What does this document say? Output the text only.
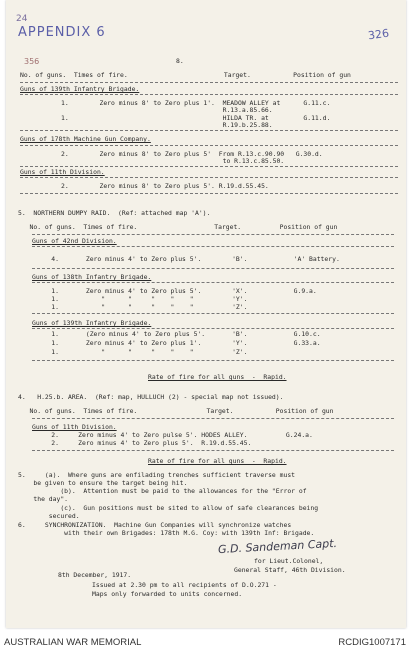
APPENDIX 6
24
356
326
8.
No. of guns.  Times of fire.                         Target.           Position of gun
Guns of 139th Infantry Brigade.
1.        Zero minus 8' to Zero plus 1'.  MEADOW ALLEY at      G.11.c.
R.13.a.85.66.
1.                                        HILDA TR. at         G.11.d.
R.19.b.25.88.
Guns of 178th Machine Gun Company.
2.        Zero minus 8' to Zero plus 5'  From R.13.c.90.90   G.30.d.
to R.13.c.85.50.
Guns of 11th Division.
2.        Zero minus 8' to Zero plus 5'. R.19.d.55.45.
5.  NORTHERN DUMPY RAID.  (Ref: attached map 'A').
No. of guns.  Times of fire.                    Target.          Position of gun
Guns of 42nd Division.
4.       Zero minus 4' to Zero plus 5'.        'B'.            'A' Battery.
Guns of 138th Infantry Brigade.
1.       Zero minus 4' to Zero plus 5'.        'X'.            G.9.a.
1.           "      "     "    "    "          'Y'.
1.           "      "     "    "    "          'Z'.
Guns of 139th Infantry Brigade.
1.       (Zero minus 4' to Zero plus 5'.       'B'.            G.10.c.
1.       Zero minus 4' to Zero plus 1'.        'Y'.            G.33.a.
1.           "      "     "    "    "          'Z'.
Rate of fire for all guns  -  Rapid.
4.   H.25.b. AREA.  (Ref: map, HULLUCH (2) - special map not issued).
No. of guns.  Times of fire.                  Target.           Position of gun
Guns of 11th Division.
2.     Zero minus 4' to Zero pulse 5'. HODES ALLEY.          G.24.a.
2.     Zero minus 4' to Zero plus 5'.  R.19.d.55.45.
Rate of fire for all guns  -  Rapid.
5.     (a).  Where guns are enfilading trenches sufficient traverse must
be given to ensure the target being hit.
(b).  Attention must be paid to the allowances for the "Error of
the day".
(c).  Gun positions must be sited to allow of safe clearances being
secured.
6.     SYNCHRONIZATION.  Machine Gun Companies will synchronize watches
with their own Brigades: 178th M.G. Coy: with 139th Inf: Brigade.
G.D. Sandeman Capt.
for Lieut.Colonel,
General Staff, 46th Division.
8th December, 1917.
Issued at 2.30 pm to all recipients of D.O.271 -
Maps only forwarded to units concerned.
AUSTRALIAN WAR MEMORIAL	RCDIG1007171
